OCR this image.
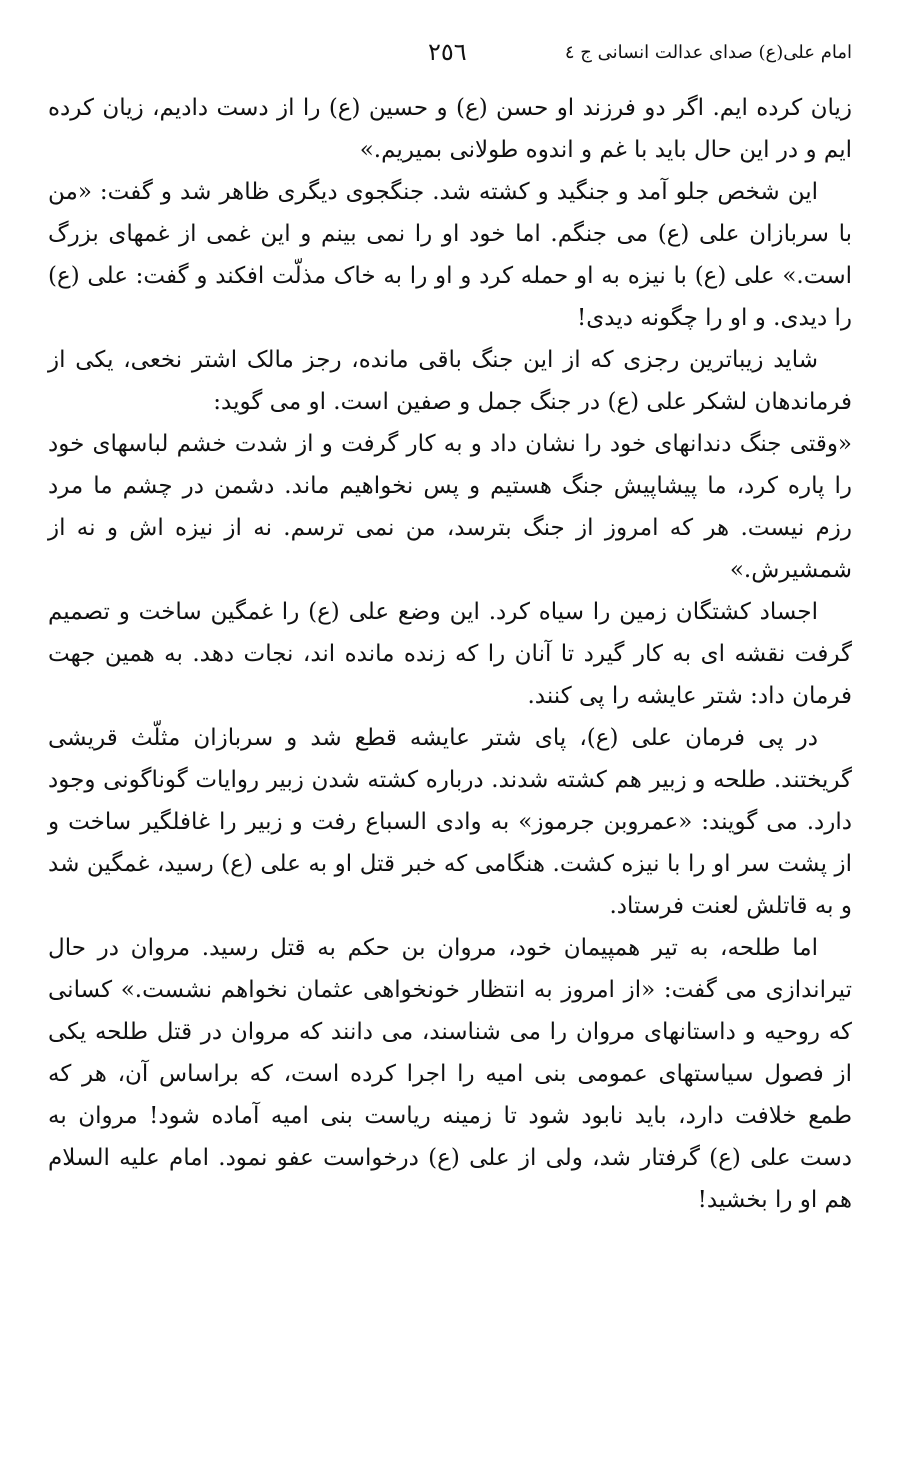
امام علی(ع) صدای عدالت انسانی ج ٤
٢٥٦

زیان کرده ایم. اگر دو فرزند او حسن (ع) و حسین (ع) را از دست دادیم، زیان کرده ایم و در این حال باید با غم و اندوه طولانی بمیریم.»

این شخص جلو آمد و جنگید و کشته شد. جنگجوی دیگری ظاهر شد و گفت: «من با سربازان علی (ع) می جنگم. اما خود او را نمی بینم و این غمی از غمهای بزرگ است.» علی (ع) با نیزه به او حمله کرد و او را به خاک مذلّت افکند و گفت: علی (ع) را دیدی. و او را چگونه دیدی!

شاید زیباترین رجزی که از این جنگ باقی مانده، رجز مالک اشتر نخعی، یکی از فرماندهان لشکر علی (ع) در جنگ جمل و صفین است. او می گوید:

«وقتی جنگ دندانهای خود را نشان داد و به کار گرفت و از شدت خشم لباسهای خود را پاره کرد، ما پیشاپیش جنگ هستیم و پس نخواهیم ماند. دشمن در چشم ما مرد رزم نیست. هر که امروز از جنگ بترسد، من نمی ترسم. نه از نیزه اش و نه از شمشیرش.»

اجساد کشتگان زمین را سیاه کرد. این وضع علی (ع) را غمگین ساخت و تصمیم گرفت نقشه ای به کار گیرد تا آنان را که زنده مانده اند، نجات دهد. به همین جهت فرمان داد: شتر عایشه را پی کنند.

در پی فرمان علی (ع)، پای شتر عایشه قطع شد و سربازان مثلّث قریشی گریختند. طلحه و زبیر هم کشته شدند. درباره کشته شدن زبیر روایات گوناگونی وجود دارد. می گویند: «عمروبن جرموز» به وادی السباع رفت و زبیر را غافلگیر ساخت و از پشت سر او را با نیزه کشت. هنگامی که خبر قتل او به علی (ع) رسید، غمگین شد و به قاتلش لعنت فرستاد.

اما طلحه، به تیر همپیمان خود، مروان بن حکم به قتل رسید. مروان در حال تیراندازی می گفت: «از امروز به انتظار خونخواهی عثمان نخواهم نشست.» کسانی که روحیه و داستانهای مروان را می شناسند، می دانند که مروان در قتل طلحه یکی از فصول سیاستهای عمومی بنی امیه را اجرا کرده است، که براساس آن، هر که طمع خلافت دارد، باید نابود شود تا زمینه ریاست بنی امیه آماده شود! مروان به دست علی (ع) گرفتار شد، ولی از علی (ع) درخواست عفو نمود. امام علیه السلام هم او را بخشید!
